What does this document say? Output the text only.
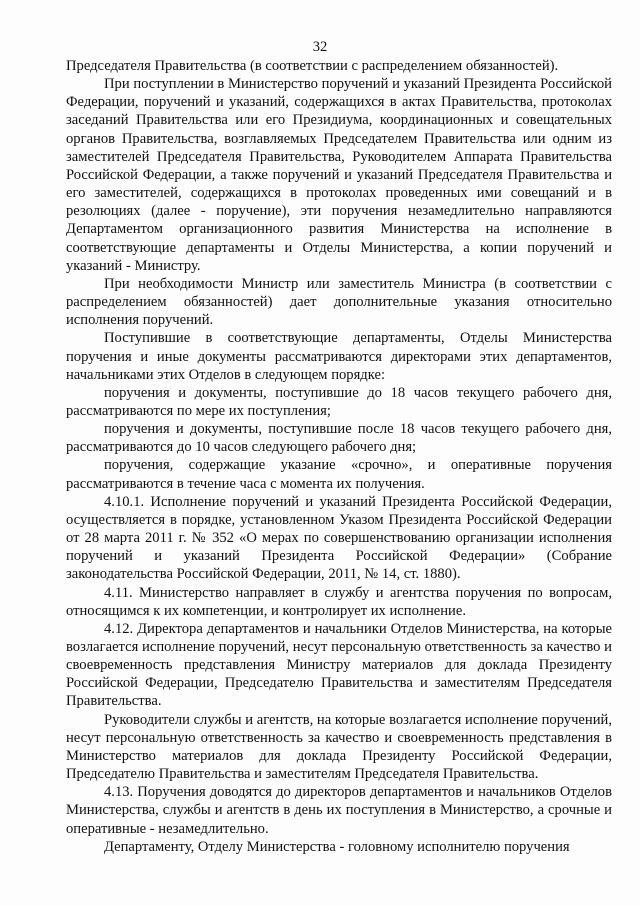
32

Председателя Правительства (в соответствии с распределением обязанностей).

При поступлении в Министерство поручений и указаний Президента Российской Федерации, поручений и указаний, содержащихся в актах Правительства, протоколах заседаний Правительства или его Президиума, координационных и совещательных органов Правительства, возглавляемых Председателем Правительства или одним из заместителей Председателя Правительства, Руководителем Аппарата Правительства Российской Федерации, а также поручений и указаний Председателя Правительства и его заместителей, содержащихся в протоколах проведенных ими совещаний и в резолюциях (далее - поручение), эти поручения незамедлительно направляются Департаментом организационного развития Министерства на исполнение в соответствующие департаменты и Отделы Министерства, а копии поручений и указаний - Министру.

При необходимости Министр или заместитель Министра (в соответствии с распределением обязанностей) дает дополнительные указания относительно исполнения поручений.

Поступившие в соответствующие департаменты, Отделы Министерства поручения и иные документы рассматриваются директорами этих департаментов, начальниками этих Отделов в следующем порядке:

поручения и документы, поступившие до 18 часов текущего рабочего дня, рассматриваются по мере их поступления;

поручения и документы, поступившие после 18 часов текущего рабочего дня, рассматриваются до 10 часов следующего рабочего дня;

поручения, содержащие указание «срочно», и оперативные поручения рассматриваются в течение часа с момента их получения.

4.10.1. Исполнение поручений и указаний Президента Российской Федерации, осуществляется в порядке, установленном Указом Президента Российской Федерации от 28 марта 2011 г. № 352 «О мерах по совершенствованию организации исполнения поручений и указаний Президента Российской Федерации» (Собрание законодательства Российской Федерации, 2011, № 14, ст. 1880).

4.11. Министерство направляет в службу и агентства поручения по вопросам, относящимся к их компетенции, и контролирует их исполнение.

4.12. Директора департаментов и начальники Отделов Министерства, на которые возлагается исполнение поручений, несут персональную ответственность за качество и своевременность представления Министру материалов для доклада Президенту Российской Федерации, Председателю Правительства и заместителям Председателя Правительства.

Руководители службы и агентств, на которые возлагается исполнение поручений, несут персональную ответственность за качество и своевременность представления в Министерство материалов для доклада Президенту Российской Федерации, Председателю Правительства и заместителям Председателя Правительства.

4.13. Поручения доводятся до директоров департаментов и начальников Отделов Министерства, службы и агентств в день их поступления в Министерство, а срочные и оперативные - незамедлительно.

Департаменту, Отделу Министерства - головному исполнителю поручения
